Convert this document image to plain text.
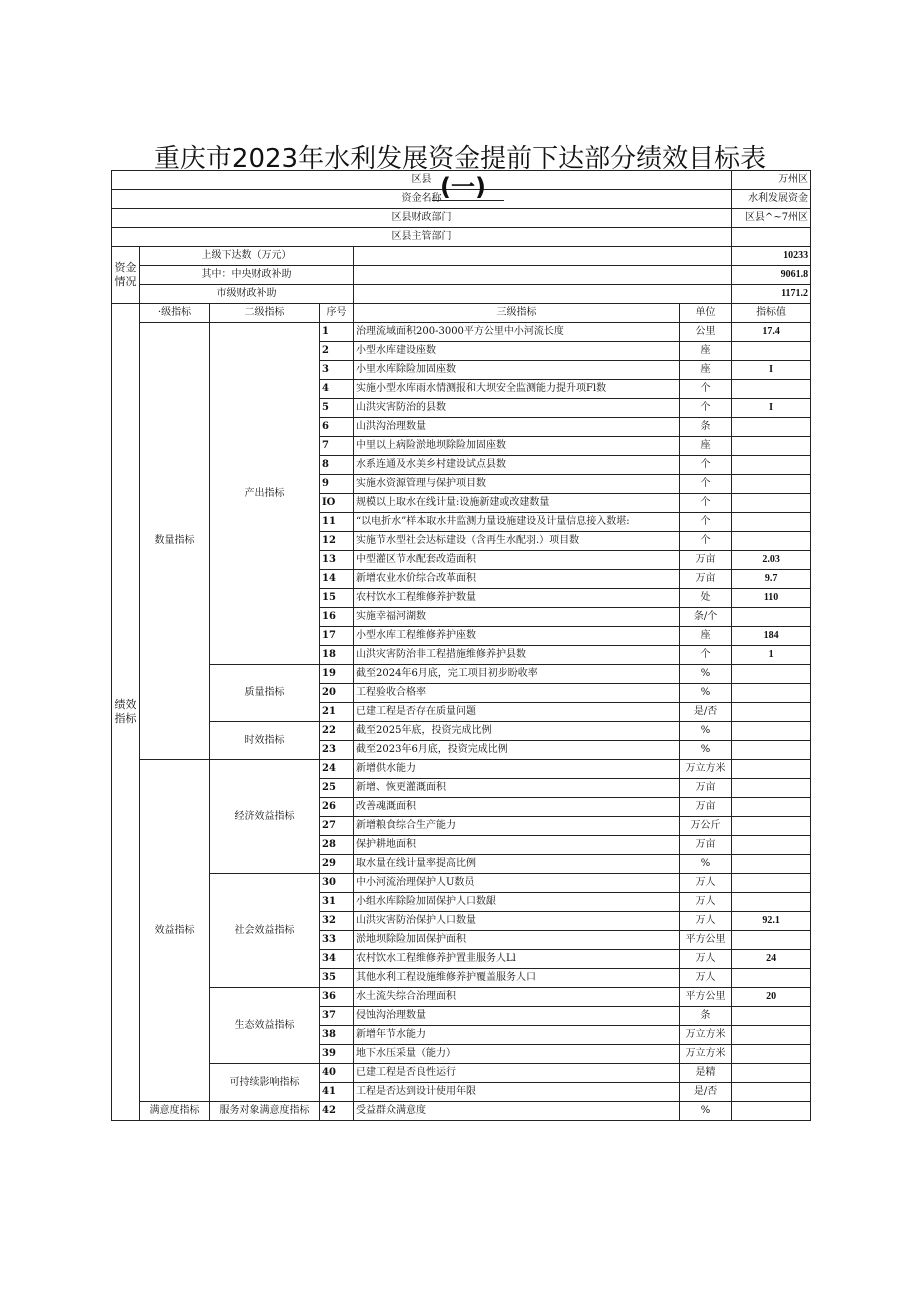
重庆市2023年水利发展资金提前下达部分绩效目标表
区县						万州区
资金名称						水利发展资金
区县财政部门						区县^~7州区
区县主管部门						
资金情况	上级下达数（万元）					10233
	其中：中央财政补助					9061.8
	市级财政补助					1171.2
绩效指标	·级指标	二级指标	序号	三级指标	单位	指标值
	数量指标	产出指标	1	治理流域面积200-3000平方公里中小河流长度	公里	17.4
			2	小型水库建设座数	座	
			3	小里水库除险加固座数	座	I
			4	实施小型水库雨水情测报和大坝安全监测能力提升项Fl数	个	
			5	山洪灾害防治的县数	个	I
			6	山洪沟治理数量	条	
			7	中里以上病险淤地坝除险加固座数	座	
			8	水系连通及水美乡村建设试点县数	个	
			9	实施水资源管理与保护项目数	个	
			IO	规模以上取水在线计量:设施新建或改建数量	个	
			11	“以电折水”样本取水井监测力量设施建设及计量信息接入数堪:	个	
			12	实施节水型社会达标建设（含再生水配羽.）项目数	个	
			13	中型灌区节水配套改造面积	万亩	2.03
			14	新增农业水价综合改革面积	万亩	9.7
			15	农村饮水工程维修养护数量	处	110
			16	实施幸福河湖数	条/个	
			17	小型水库工程维修养护座数	座	184
			18	山洪灾害防治非工程措施维修养护县数	个	1
		质量指标	19	截至2024年6月底，完工项目初步盼收率	%	
			20	工程验收合格率	%	
			21	已建工程是否存在质量问题	是/否	
		时效指标	22	截至2025年底，投资完成比例	%	
			23	截至2023年6月底，投资完成比例	%	
	效益指标	经济效益指标	24	新增供水能力	万立方米	
			25	新增、恢更灌溉面积	万亩	
			26	改善魂溉面积	万亩	
			27	新增粮食综合生产能力	万公斤	
			28	保护耕地面积	万亩	
			29	取水量在线计量率提高比例	%	
		社会效益指标	30	中小河流治理保护人U数员	万人	
			31	小组水库除险加固保护人口数龈	万人	
			32	山洪灾害防治保护人口数量	万人	92.1
			33	淤地坝除险加固保护面积	平方公里	
			34	农村饮水工程维修养护置韭服务人Ll	万人	24
			35	其他水利工程设施维修养护覆盖服务人口	万人	
		生态效益指标	36	水土流失综合治理面积	平方公里	20
			37	侵蚀沟治理数量	条	
			38	新增年节水能力	万立方米	
			39	地下水压采量（能力）	万立方米	
		可持续影响指标	40	已建工程是否良性运行	是精	
			41	工程是否达到设计使用年限	是/否	
	满意度指标	服务对象满意度指标	42	受益群众满意度	%	
(一)
